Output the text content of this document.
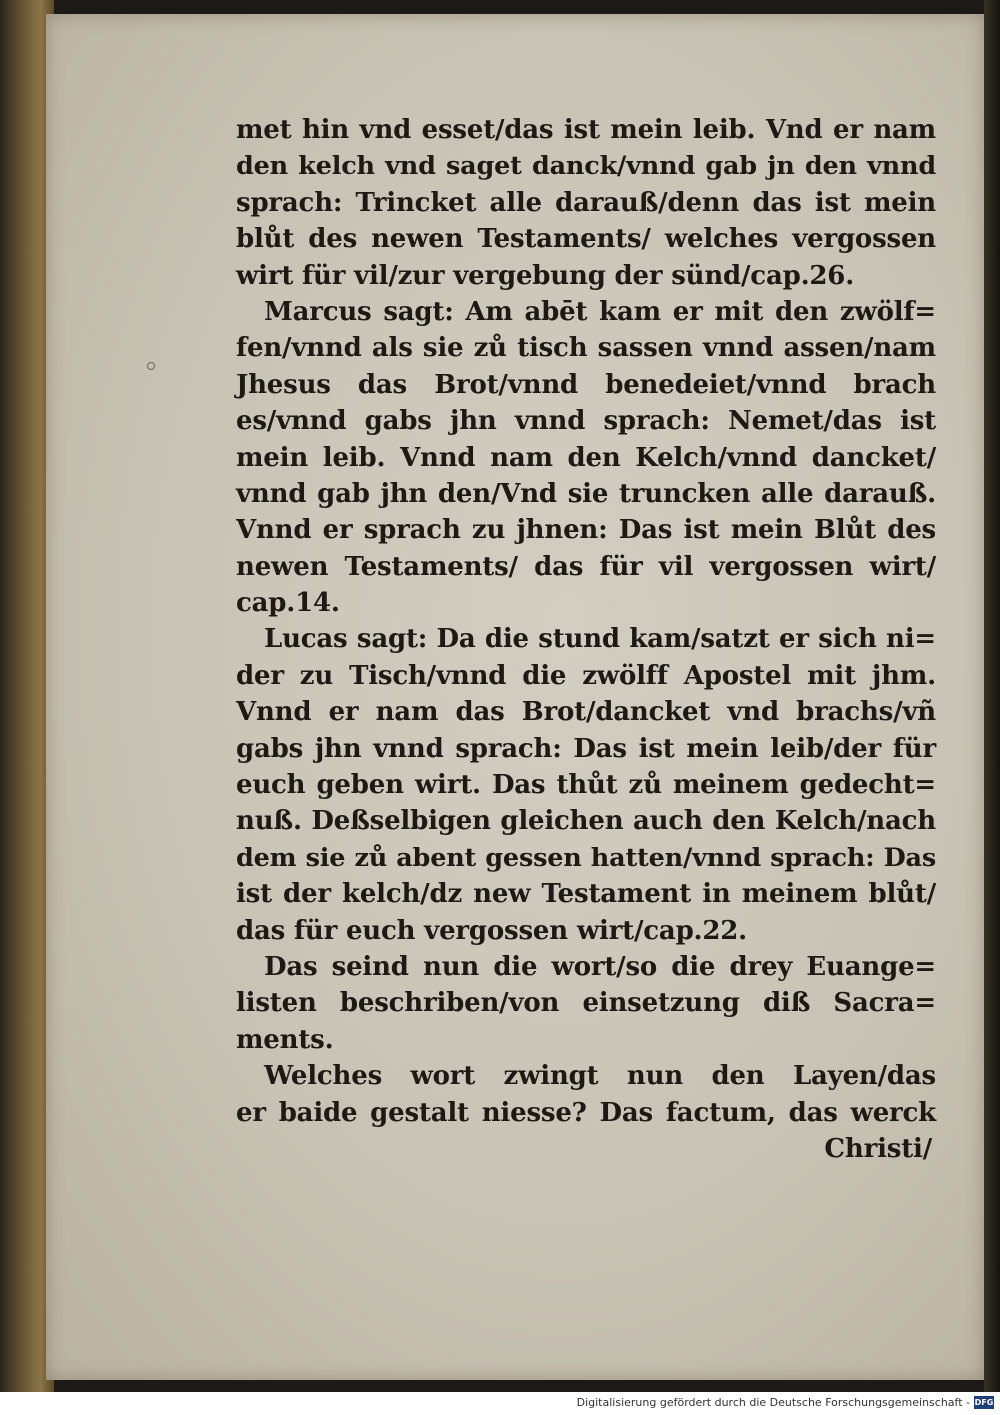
met hin vnd esset/das ist mein leib. Vnd er nam
den kelch vnd saget danck/vnnd gab jn den vnnd
sprach: Trincket alle darauß/denn das ist mein
blůt des newen Testaments/ welches vergossen
wirt für vil/zur vergebung der sünd/cap.26.
Marcus sagt: Am abēt kam er mit den zwölf=
fen/vnnd als sie zů tisch sassen vnnd assen/nam
Jhesus das Brot/vnnd benedeiet/vnnd brach
es/vnnd gabs jhn vnnd sprach: Nemet/das ist
mein leib. Vnnd nam den Kelch/vnnd dancket/
vnnd gab jhn den/Vnd sie truncken alle darauß.
Vnnd er sprach zu jhnen: Das ist mein Blůt des
newen Testaments/ das für vil vergossen wirt/
cap.14.
Lucas sagt: Da die stund kam/satzt er sich ni=
der zu Tisch/vnnd die zwölff Apostel mit jhm.
Vnnd er nam das Brot/dancket vnd brachs/vñ
gabs jhn vnnd sprach: Das ist mein leib/der für
euch geben wirt. Das thůt zů meinem gedecht=
nuß. Deßselbigen gleichen auch den Kelch/nach
dem sie zů abent gessen hatten/vnnd sprach: Das
ist der kelch/dz new Testament in meinem blůt/
das für euch vergossen wirt/cap.22.
Das seind nun die wort/so die drey Euange=
listen beschriben/von einsetzung diß Sacra=
ments.
Welches wort zwingt nun den Layen/das
er baide gestalt niesse? Das factum, das werck
Christi/
Digitalisierung gefördert durch die Deutsche Forschungsgemeinschaft - DFG
